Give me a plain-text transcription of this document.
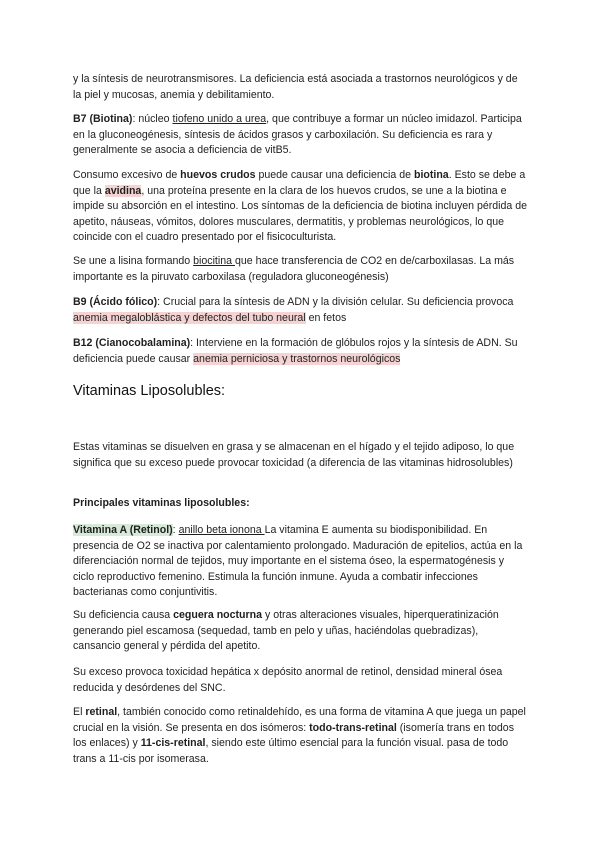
y la síntesis de neurotransmisores. La deficiencia está asociada a trastornos neurológicos y de la piel y mucosas, anemia y debilitamiento.

B7 (Biotina): núcleo tiofeno unido a urea, que contribuye a formar un núcleo imidazol. Participa en la gluconeogénesis, síntesis de ácidos grasos y carboxilación. Su deficiencia es rara y generalmente se asocia a deficiencia de vitB5.

Consumo excesivo de huevos crudos puede causar una deficiencia de biotina. Esto se debe a que la avidina, una proteína presente en la clara de los huevos crudos, se une a la biotina e impide su absorción en el intestino. Los síntomas de la deficiencia de biotina incluyen pérdida de apetito, náuseas, vómitos, dolores musculares, dermatitis, y problemas neurológicos, lo que coincide con el cuadro presentado por el fisicoculturista.

Se une a lisina formando biocitina que hace transferencia de CO2 en de/carboxilasas. La más importante es la piruvato carboxilasa (reguladora gluconeogénesis)

B9 (Ácido fólico): Crucial para la síntesis de ADN y la división celular. Su deficiencia provoca anemia megaloblástica y defectos del tubo neural en fetos

B12 (Cianocobalamina): Interviene en la formación de glóbulos rojos y la síntesis de ADN. Su deficiencia puede causar anemia perniciosa y trastornos neurológicos

Vitaminas Liposolubles:

Estas vitaminas se disuelven en grasa y se almacenan en el hígado y el tejido adiposo, lo que significa que su exceso puede provocar toxicidad (a diferencia de las vitaminas hidrosolubles)

Principales vitaminas liposolubles:

Vitamina A (Retinol): anillo beta ionona La vitamina E aumenta su biodisponibilidad. En presencia de O2 se inactiva por calentamiento prolongado. Maduración de epitelios, actúa en la diferenciación normal de tejidos, muy importante en el sistema óseo, la espermatogénesis y ciclo reproductivo femenino. Estimula la función inmune. Ayuda a combatir infecciones bacterianas como conjuntivitis.

Su deficiencia causa ceguera nocturna y otras alteraciones visuales, hiperqueratinización generando piel escamosa (sequedad, tamb en pelo y uñas, haciéndolas quebradizas), cansancio general y pérdida del apetito.

Su exceso provoca toxicidad hepática x depósito anormal de retinol, densidad mineral ósea reducida y desórdenes del SNC.

El retinal, también conocido como retinaldehído, es una forma de vitamina A que juega un papel crucial en la visión. Se presenta en dos isómeros: todo-trans-retinal (isomería trans en todos los enlaces) y 11-cis-retinal, siendo este último esencial para la función visual. pasa de todo trans a 11-cis por isomerasa.
